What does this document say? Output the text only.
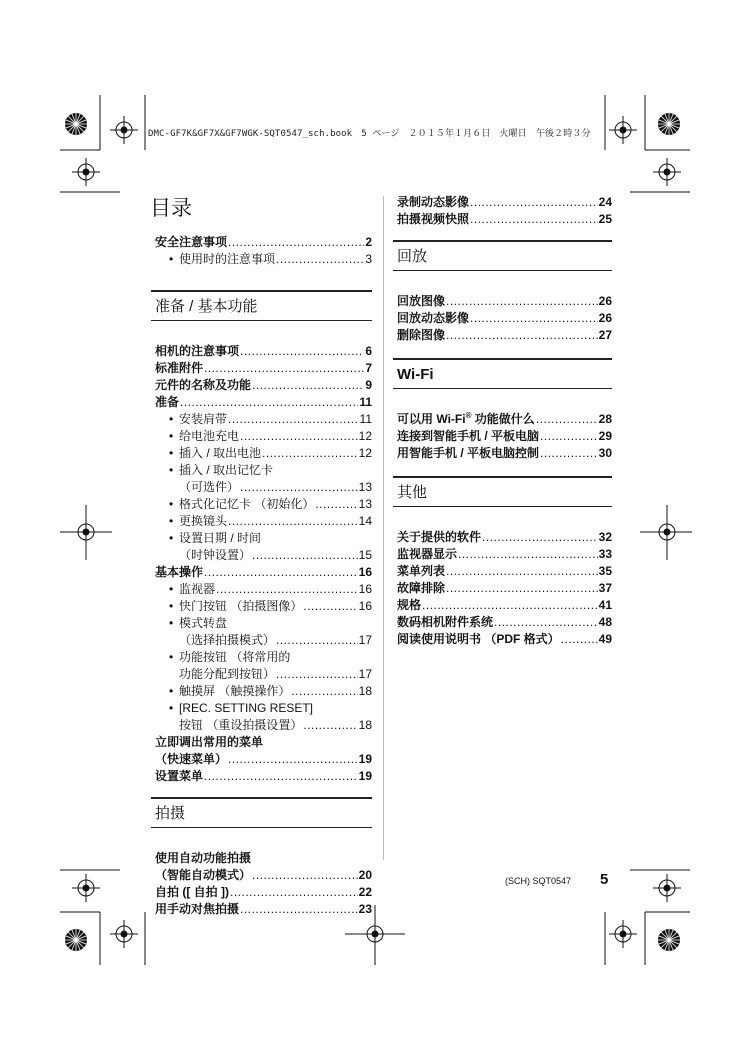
DMC-GF7K&GF7X&GF7WGK-SQT0547_sch.book　5 ページ　２０１５年１月６日　火曜日　午後２時３分
目录
安全注意事项 .....	2
• 使用时的注意事项 .....	3
准备 / 基本功能
相机的注意事项 .....	6
标准附件 .....	7
元件的名称及功能 .....	9
准备 .....	11
• 安装肩带 .....	11
• 给电池充电 .....	12
• 插入 / 取出电池 .....	12
• 插入 / 取出记忆卡
（可选件） .....	13
• 格式化记忆卡 （初始化） .....	13
• 更换镜头 .....	14
• 设置日期 / 时间
（时钟设置） .....	15
基本操作 .....	16
• 监视器 .....	16
• 快门按钮 （拍摄图像） .....	16
• 模式转盘
（选择拍摄模式） .....	17
• 功能按钮 （将常用的
功能分配到按钮） .....	17
• 触摸屏 （触摸操作） .....	18
• [REC. SETTING RESET]
按钮 （重设拍摄设置） .....	18
立即调出常用的菜单
（快速菜单） .....	19
设置菜单 .....	19
拍摄
使用自动功能拍摄
（智能自动模式） .....	20
自拍 ([ 自拍 ]) .....	22
用手动对焦拍摄 .....	23
录制动态影像 .....	24
拍摄视频快照 .....	25
回放
回放图像 .....	26
回放动态影像 .....	26
删除图像 .....	27
Wi-Fi
可以用 Wi-Fi® 功能做什么 .....	28
连接到智能手机 / 平板电脑 .....	29
用智能手机 / 平板电脑控制 .....	30
其他
关于提供的软件 .....	32
监视器显示 .....	33
菜单列表 .....	35
故障排除 .....	37
规格 .....	41
数码相机附件系统 .....	48
阅读使用说明书 （PDF 格式） .....	49
(SCH) SQT0547 5
